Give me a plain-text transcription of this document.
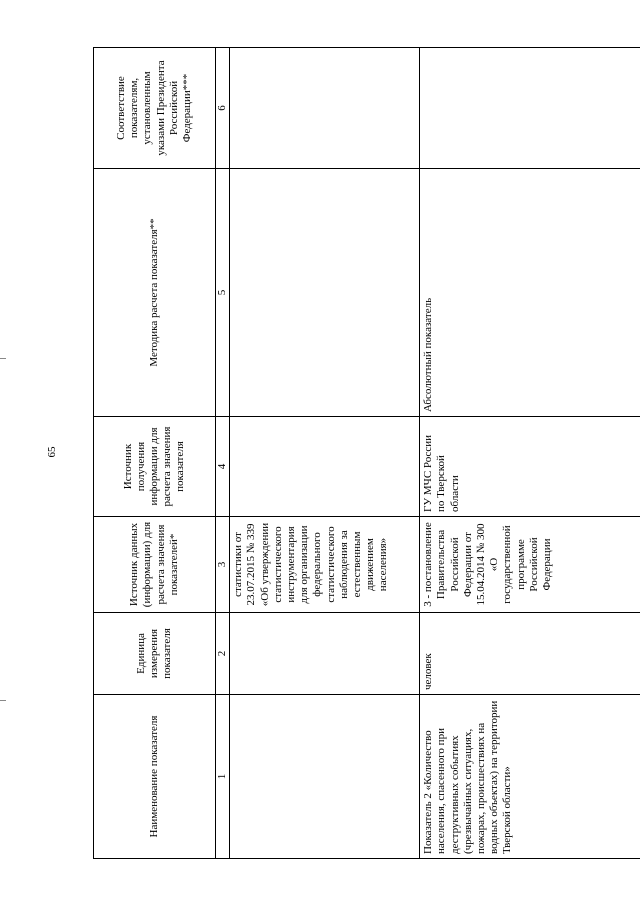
65
Наименование показателя	Единица измерения показателя	Источник данных (информации) для расчета значения показателей*	Источник получения информации для расчета значения показателя	Методика расчета показателя**	Соответствие показателям, установленным указами Президента Российской Федерации***
1	2	3	4	5	6
		статистики от 23.07.2015 № 339 «Об утверждении статистического инструментария для организации федерального статистического наблюдения за естественным движением населения»			
Показатель 2 «Количество населения, спасенного при деструктивных событиях (чрезвычайных ситуациях, пожарах, происшествиях на водных объектах) на территории Тверской области»	человек	3 - постановление Правительства Российской Федерации от 15.04.2014 № 300 «О государственной программе Российской Федерации	ГУ МЧС России по Тверской области	Абсолютный показатель	
